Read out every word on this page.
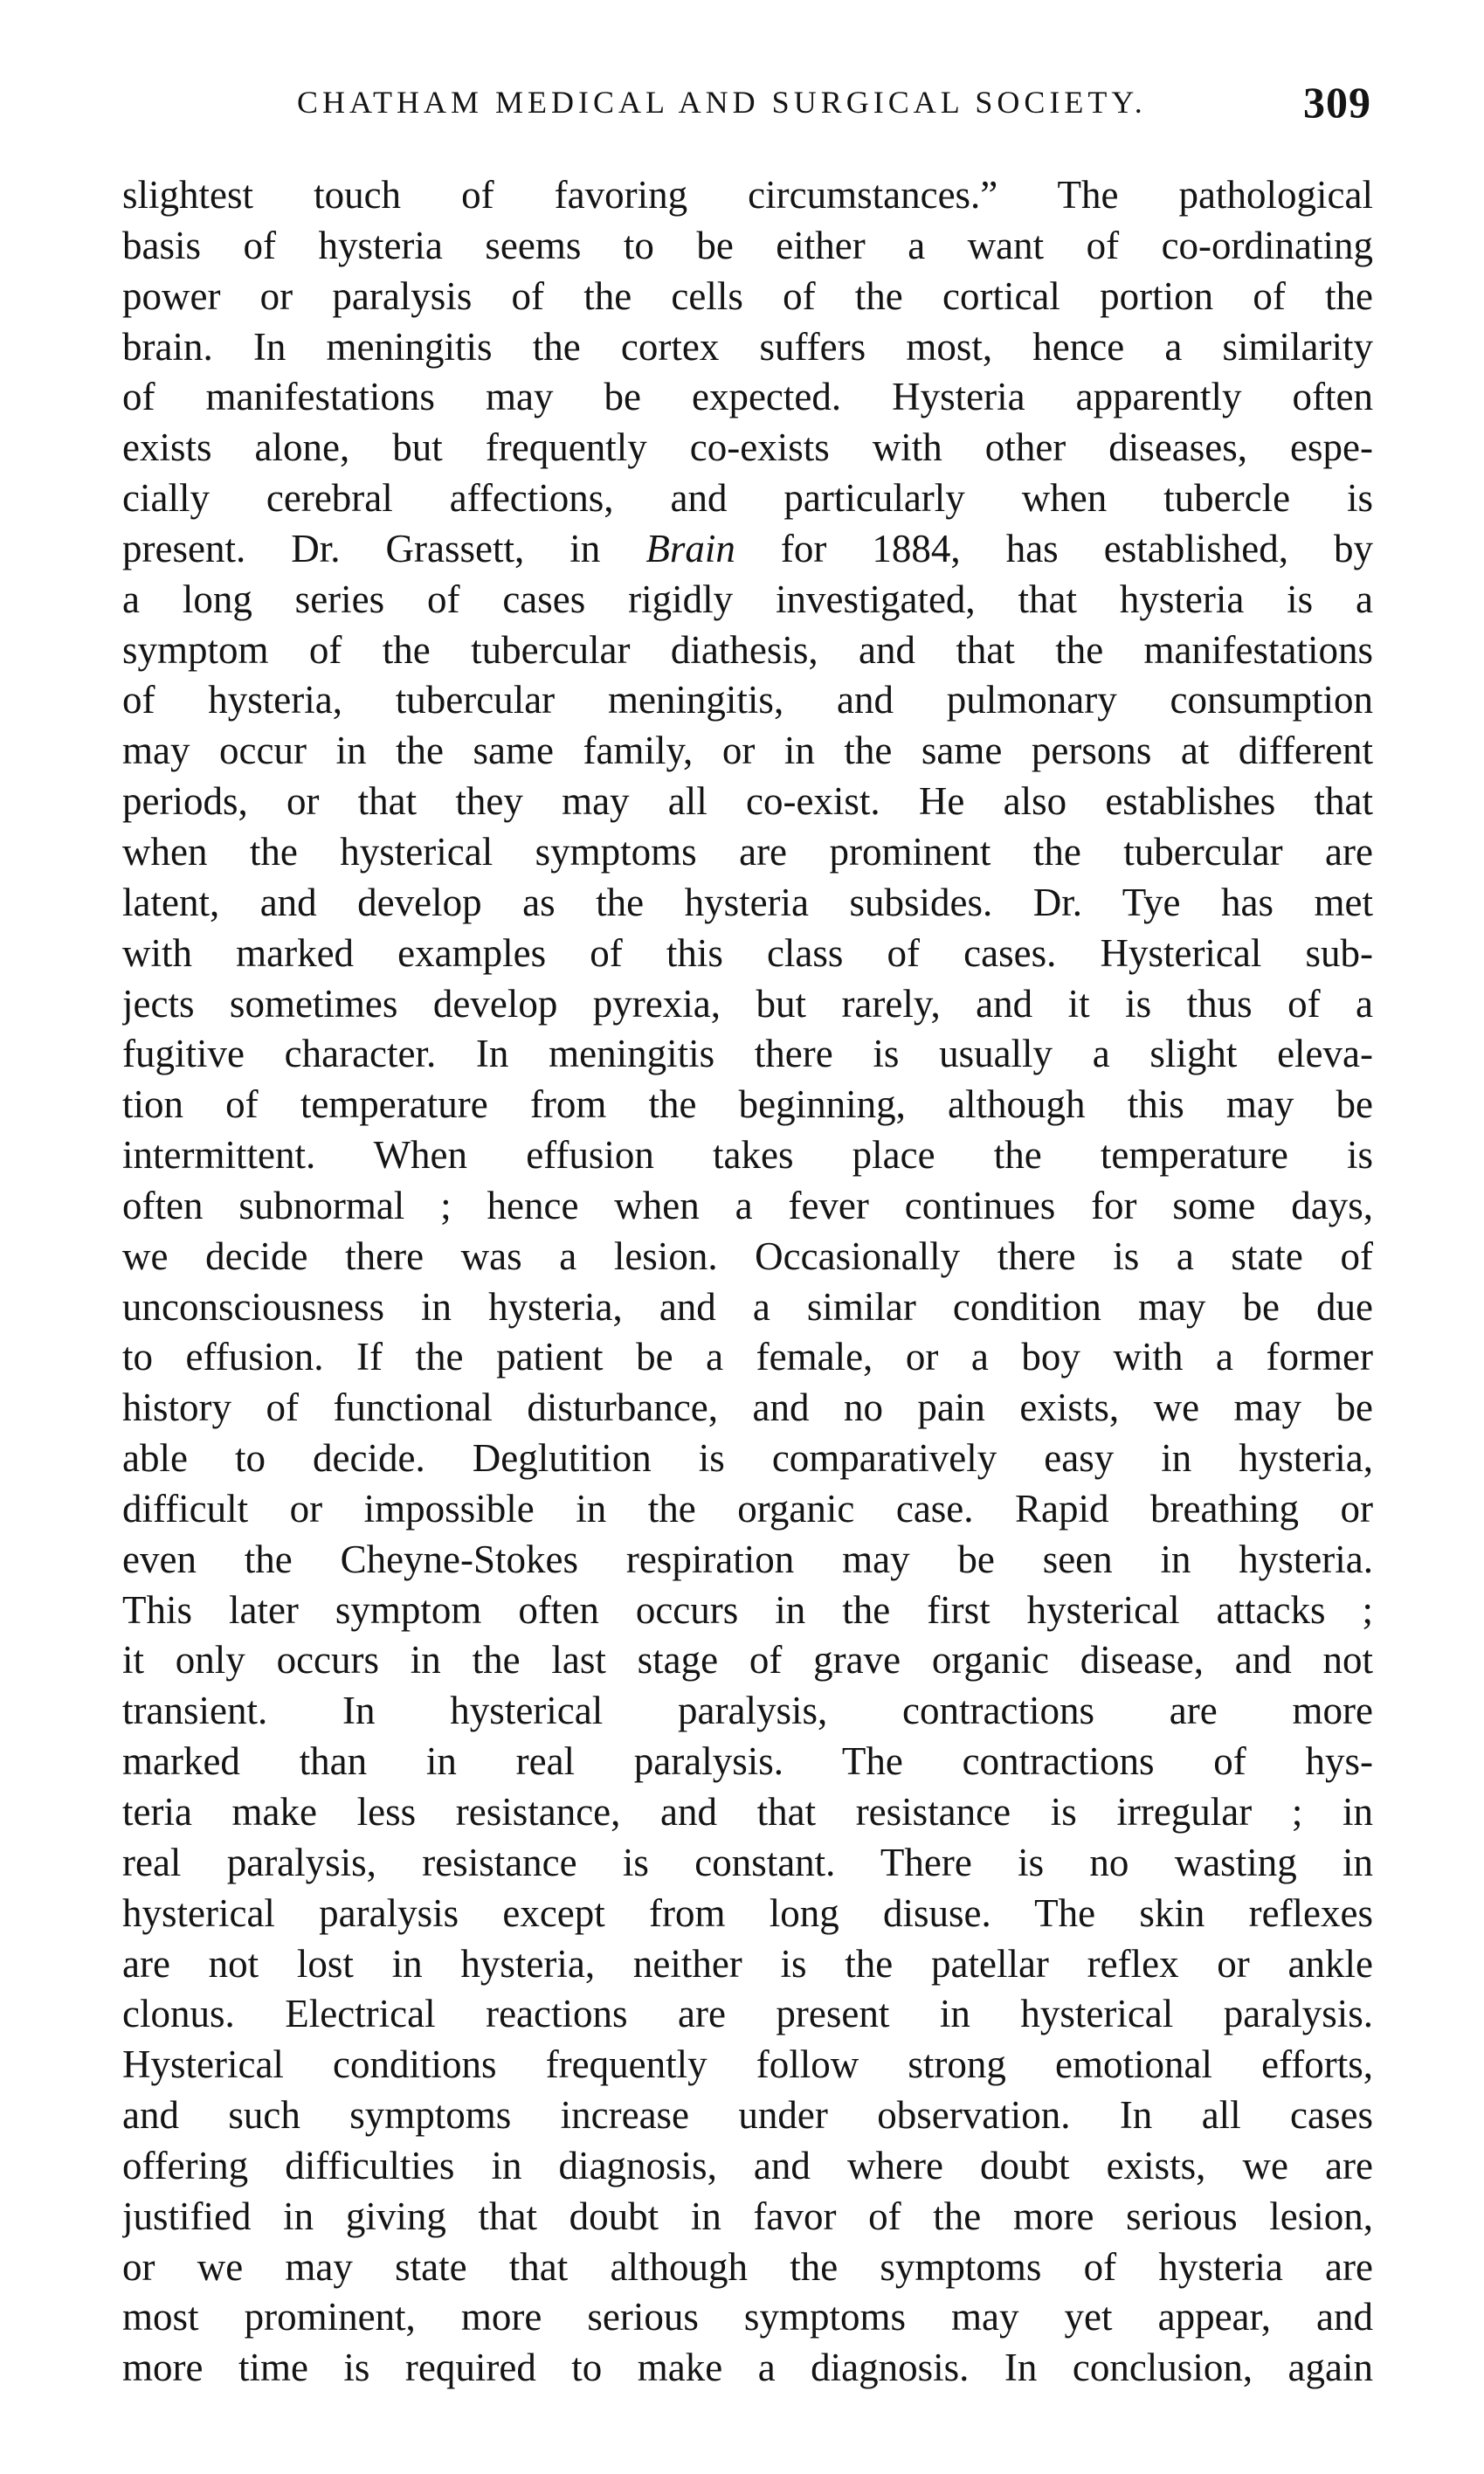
CHATHAM MEDICAL AND SURGICAL SOCIETY.	309
slightest touch of favoring circumstances.” The pathological
basis of hysteria seems to be either a want of co-ordinating
power or paralysis of the cells of the cortical portion of the
brain. In meningitis the cortex suffers most, hence a similarity
of manifestations may be expected. Hysteria apparently often
exists alone, but frequently co-exists with other diseases, espe-
cially cerebral affections, and particularly when tubercle is
present. Dr. Grassett, in Brain for 1884, has established, by
a long series of cases rigidly investigated, that hysteria is a
symptom of the tubercular diathesis, and that the manifestations
of hysteria, tubercular meningitis, and pulmonary consumption
may occur in the same family, or in the same persons at different
periods, or that they may all co-exist. He also establishes that
when the hysterical symptoms are prominent the tubercular are
latent, and develop as the hysteria subsides. Dr. Tye has met
with marked examples of this class of cases. Hysterical sub-
jects sometimes develop pyrexia, but rarely, and it is thus of a
fugitive character. In meningitis there is usually a slight eleva-
tion of temperature from the beginning, although this may be
intermittent. When effusion takes place the temperature is
often subnormal ; hence when a fever continues for some days,
we decide there was a lesion. Occasionally there is a state of
unconsciousness in hysteria, and a similar condition may be due
to effusion. If the patient be a female, or a boy with a former
history of functional disturbance, and no pain exists, we may be
able to decide. Deglutition is comparatively easy in hysteria,
difficult or impossible in the organic case. Rapid breathing or
even the Cheyne-Stokes respiration may be seen in hysteria.
This later symptom often occurs in the first hysterical attacks ;
it only occurs in the last stage of grave organic disease, and not
transient. In hysterical paralysis, contractions are more
marked than in real paralysis. The contractions of hys-
teria make less resistance, and that resistance is irregular ; in
real paralysis, resistance is constant. There is no wasting in
hysterical paralysis except from long disuse. The skin reflexes
are not lost in hysteria, neither is the patellar reflex or ankle
clonus. Electrical reactions are present in hysterical paralysis.
Hysterical conditions frequently follow strong emotional efforts,
and such symptoms increase under observation. In all cases
offering difficulties in diagnosis, and where doubt exists, we are
justified in giving that doubt in favor of the more serious lesion,
or we may state that although the symptoms of hysteria are
most prominent, more serious symptoms may yet appear, and
more time is required to make a diagnosis. In conclusion, again
